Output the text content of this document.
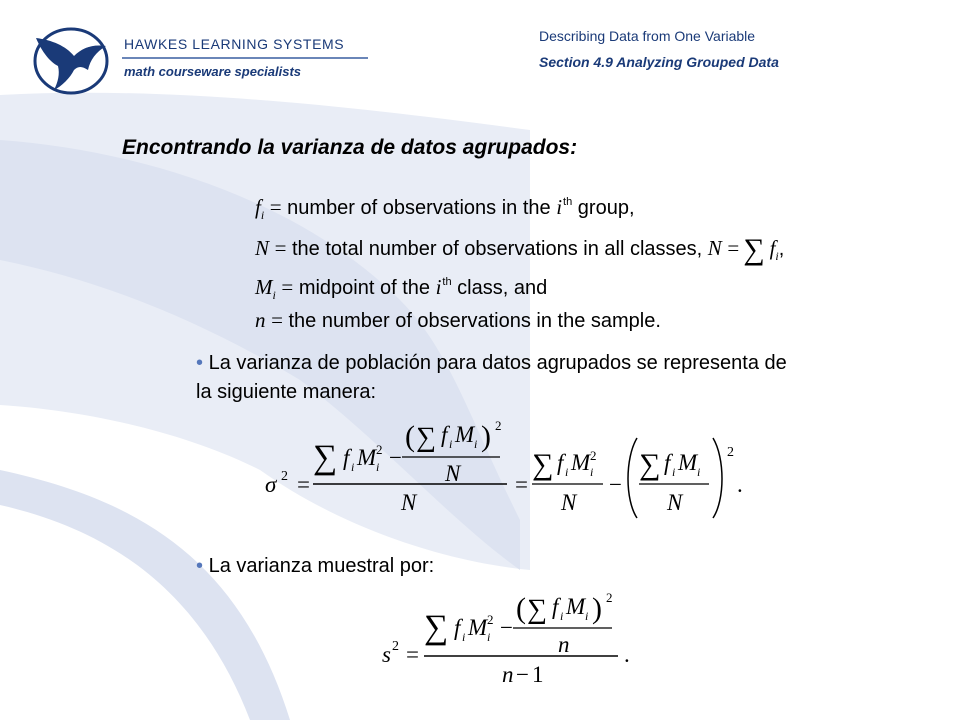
HAWKES LEARNING SYSTEMS
math courseware specialists
Describing Data from One Variable
Section 4.9 Analyzing Grouped Data
Encontrando la varianza de datos agrupados:
$f_i$ = number of observations in the $i^{th}$ group,
N = the total number of observations in all classes, N = ∑ $f_i$,
$M_i$ = midpoint of the $i^{th}$ class, and
n = the number of observations in the sample.
• La varianza de población para datos agrupados se representa de la siguiente manera:
• La varianza muestral por:
σ 2 =
∑ f i M i
2 −
( ∑ f i M i ) 2
N
N
=
∑ f i M i
2
N
−
∑ f i M i
N
2
.
s 2 =
∑ f i M i
2 −
( ∑ f i M i ) 2
n
n − 1
.
